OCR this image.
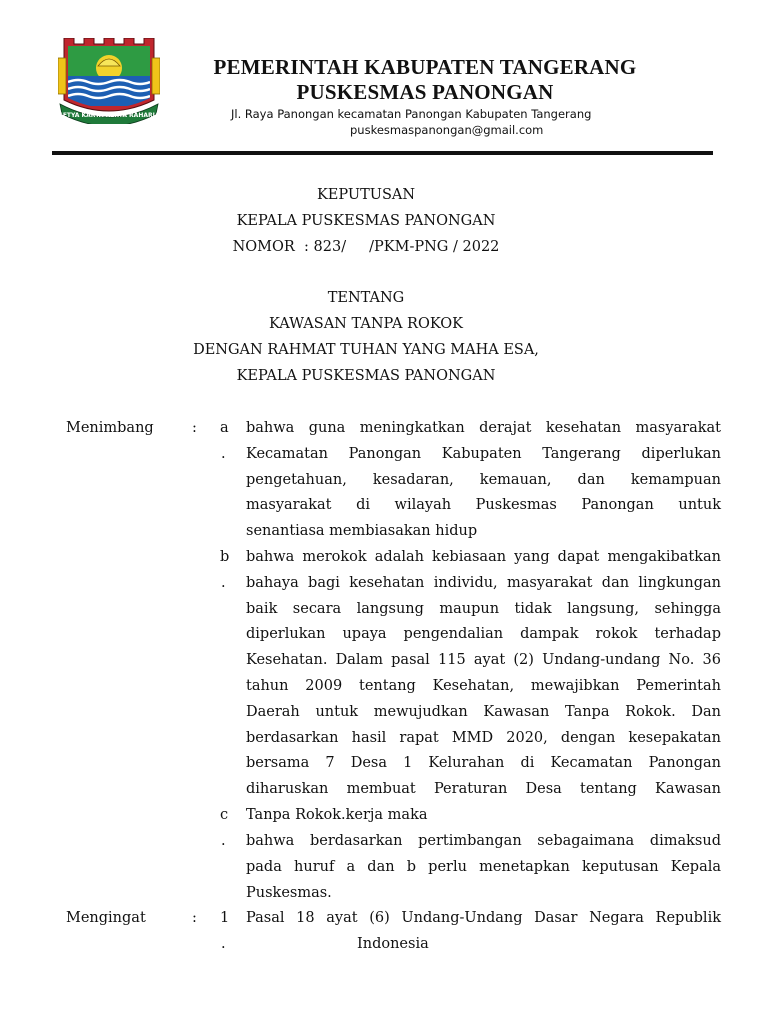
SETYA KARYA KERTA RAHARJA
PEMERINTAH KABUPATEN TANGERANG
PUSKESMAS PANONGAN
Jl. Raya Panongan kecamatan Panongan Kabupaten Tangerang
puskesmaspanongan@gmail.com
KEPUTUSAN
KEPALA PUSKESMAS PANONGAN
NOMOR  : 823/     /PKM-PNG / 2022
TENTANG
KAWASAN TANPA ROKOK
DENGAN RAHMAT TUHAN YANG MAHA ESA,
KEPALA PUSKESMAS PANONGAN
Menimbang	: a
.
bahwa guna meningkatkan derajat kesehatan masyarakat
Kecamatan Panongan Kabupaten Tangerang diperlukan
pengetahuan, kesadaran, kemauan, dan kemampuan
masyarakat di wilayah Puskesmas Panongan untuk
senantiasa membiasakan hidup
b
.
bahwa merokok adalah kebiasaan yang dapat mengakibatkan
bahaya bagi kesehatan individu, masyarakat dan lingkungan
baik secara langsung maupun tidak langsung, sehingga
diperlukan upaya pengendalian dampak rokok terhadap
Kesehatan. Dalam pasal 115 ayat (2) Undang-undang No. 36
tahun 2009 tentang Kesehatan, mewajibkan Pemerintah
Daerah untuk mewujudkan Kawasan Tanpa Rokok. Dan
berdasarkan hasil rapat MMD 2020, dengan kesepakatan
bersama 7 Desa 1 Kelurahan di Kecamatan Panongan
diharuskan membuat Peraturan Desa tentang Kawasan
Tanpa Rokok.kerja maka
c
. bahwa berdasarkan pertimbangan sebagaimana dimaksud
pada huruf a dan b perlu menetapkan keputusan Kepala
Puskesmas.
Mengingat	: 1
.
Pasal 18 ayat (6) Undang-Undang Dasar Negara Republik
Indonesia
